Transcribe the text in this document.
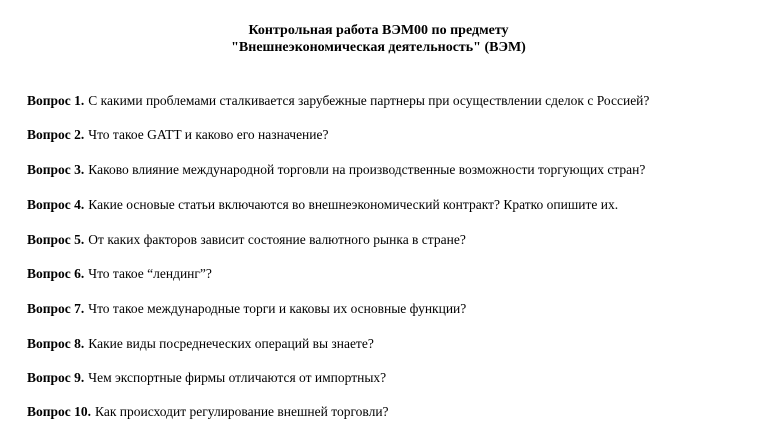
Контрольная работа ВЭМ00 по предмету
"Внешнеэкономическая деятельность" (ВЭМ)
Вопрос 1. С какими проблемами сталкивается зарубежные партнеры при осуществлении сделок с Россией?
Вопрос 2. Что такое GATT и каково его назначение?
Вопрос 3. Каково влияние международной торговли на производственные возможности торгующих стран?
Вопрос 4. Какие основые статьи включаются во внешнеэкономический контракт? Кратко опишите их.
Вопрос 5. От каких факторов зависит состояние валютного рынка в стране?
Вопрос 6. Что такое “лендинг”?
Вопрос 7. Что такое международные торги и каковы их основные функции?
Вопрос 8. Какие виды посреднеческих операций вы знаете?
Вопрос 9. Чем экспортные фирмы отличаются от импортных?
Вопрос 10. Как происходит регулирование внешней торговли?
